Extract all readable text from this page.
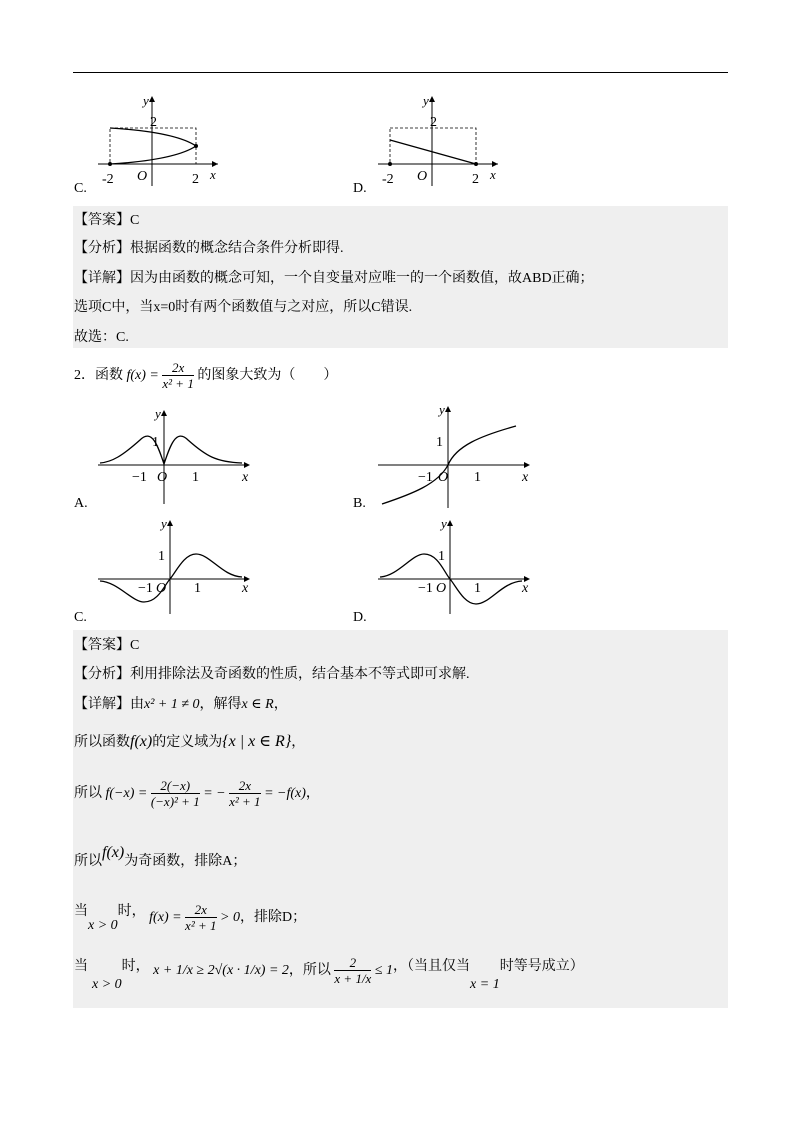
y
2
x
O
-2	2
C.
y
2
x
O
-2	2
D.
【答案】C
【分析】根据函数的概念结合条件分析即得.
【详解】因为由函数的概念可知，一个自变量对应唯一的一个函数值，故ABD正确；
选项C中，当x=0时有两个函数值与之对应，所以C错误.
故选：C.
2．函数 $f(x) = \frac{2x}{\text{x² + 1}}$ 的图象大致为（　　）
y
1
x
−1 O 1
A.
y
1
x
−1 O 1
B.
y
1
x
−1 O 1
C.
y
1
x
−1 O 1
D.
【答案】C
【分析】利用排除法及奇函数的性质，结合基本不等式即可求解.
【详解】由x² + 1 ≠ 0，解得x ∈ R，
所以函数f(x)的定义域为{x | x ∈ R}，
所以 $f(-x) = \frac{2(-x)}{\text{(−x)² + 1}}$ = − $\frac{2x}{\text{x² + 1}} = -f(x)$，
所以f(x)为奇函数，排除A；
当x > 0时， $f(x) = \frac{2x}{\text{x² + 1}} > 0$，排除D；
当x > 0时， x + 1/x ≥ 2√(x · 1/x) = 2，所以 $\frac{2}{x + 1/x} \le 1$，（当且仅当x = 1时等号成立）
